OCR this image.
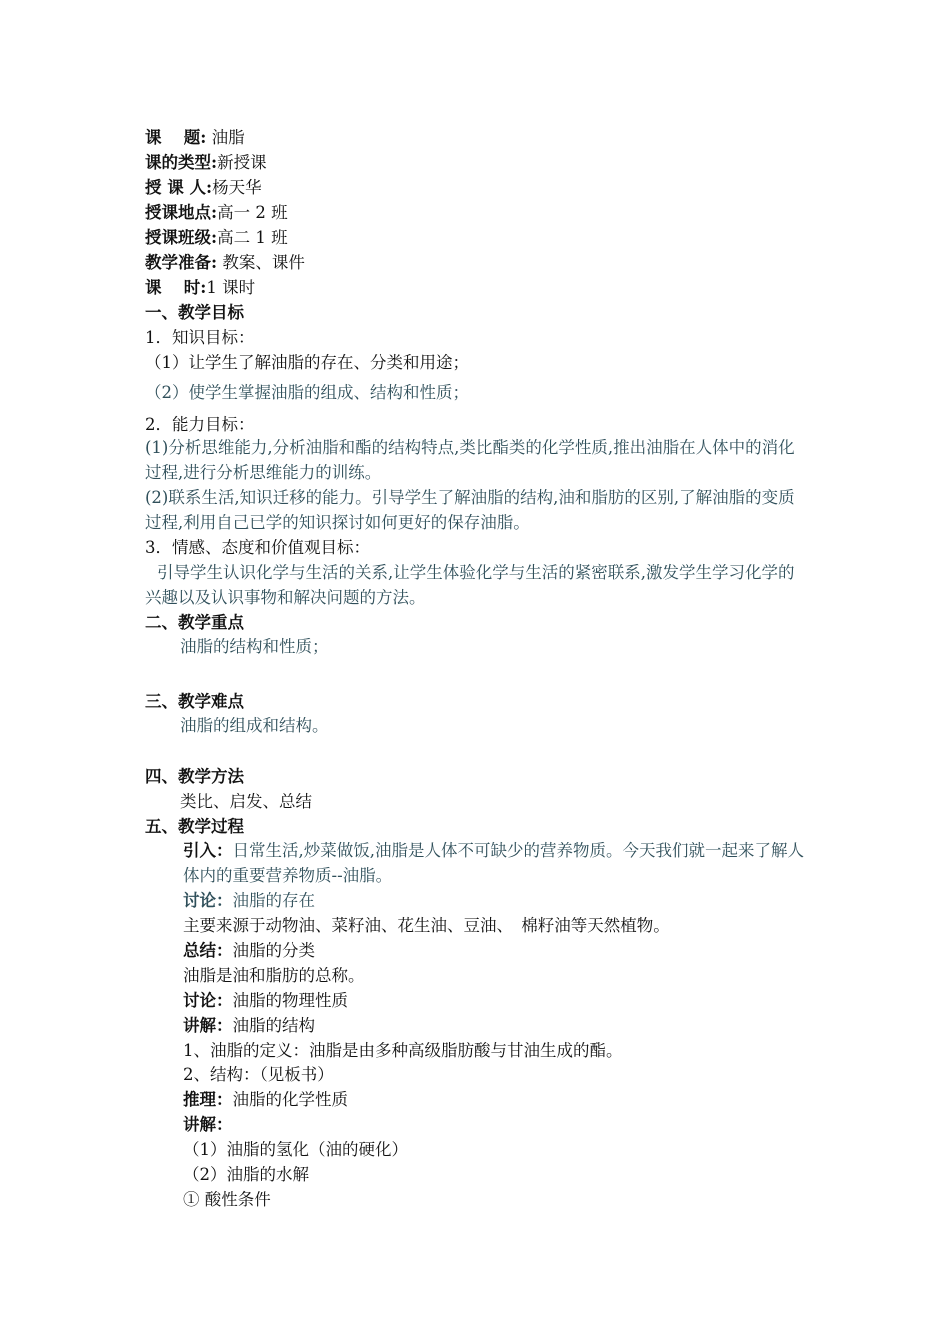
课　 题: 油脂
课的类型:新授课
授 课 人:杨天华
授课地点:高一 2 班
授课班级:高二 1 班
教学准备: 教案、课件
课　 时:1 课时
一、教学目标
1．知识目标：
（1）让学生了解油脂的存在、分类和用途；
（2）使学生掌握油脂的组成、结构和性质；
2．能力目标：
(1)分析思维能力,分析油脂和酯的结构特点,类比酯类的化学性质,推出油脂在人体中的消化过程,进行分析思维能力的训练。
(2)联系生活,知识迁移的能力。引导学生了解油脂的结构,油和脂肪的区别,了解油脂的变质过程,利用自己已学的知识探讨如何更好的保存油脂。
3．情感、态度和价值观目标：
引导学生认识化学与生活的关系,让学生体验化学与生活的紧密联系,激发学生学习化学的兴趣以及认识事物和解决问题的方法。
二、教学重点
油脂的结构和性质；
三、教学难点
油脂的组成和结构。
四、教学方法
类比、启发、总结
五、教学过程
引入：日常生活,炒菜做饭,油脂是人体不可缺少的营养物质。今天我们就一起来了解人体内的重要营养物质--油脂。
讨论：油脂的存在
主要来源于动物油、菜籽油、花生油、豆油、　棉籽油等天然植物。
总结：油脂的分类
油脂是油和脂肪的总称。
讨论：油脂的物理性质
讲解：油脂的结构
1、油脂的定义：油脂是由多种高级脂肪酸与甘油生成的酯。
2、结构：（见板书）
推理：油脂的化学性质
讲解：
（1）油脂的氢化（油的硬化）
（2）油脂的水解
① 酸性条件
